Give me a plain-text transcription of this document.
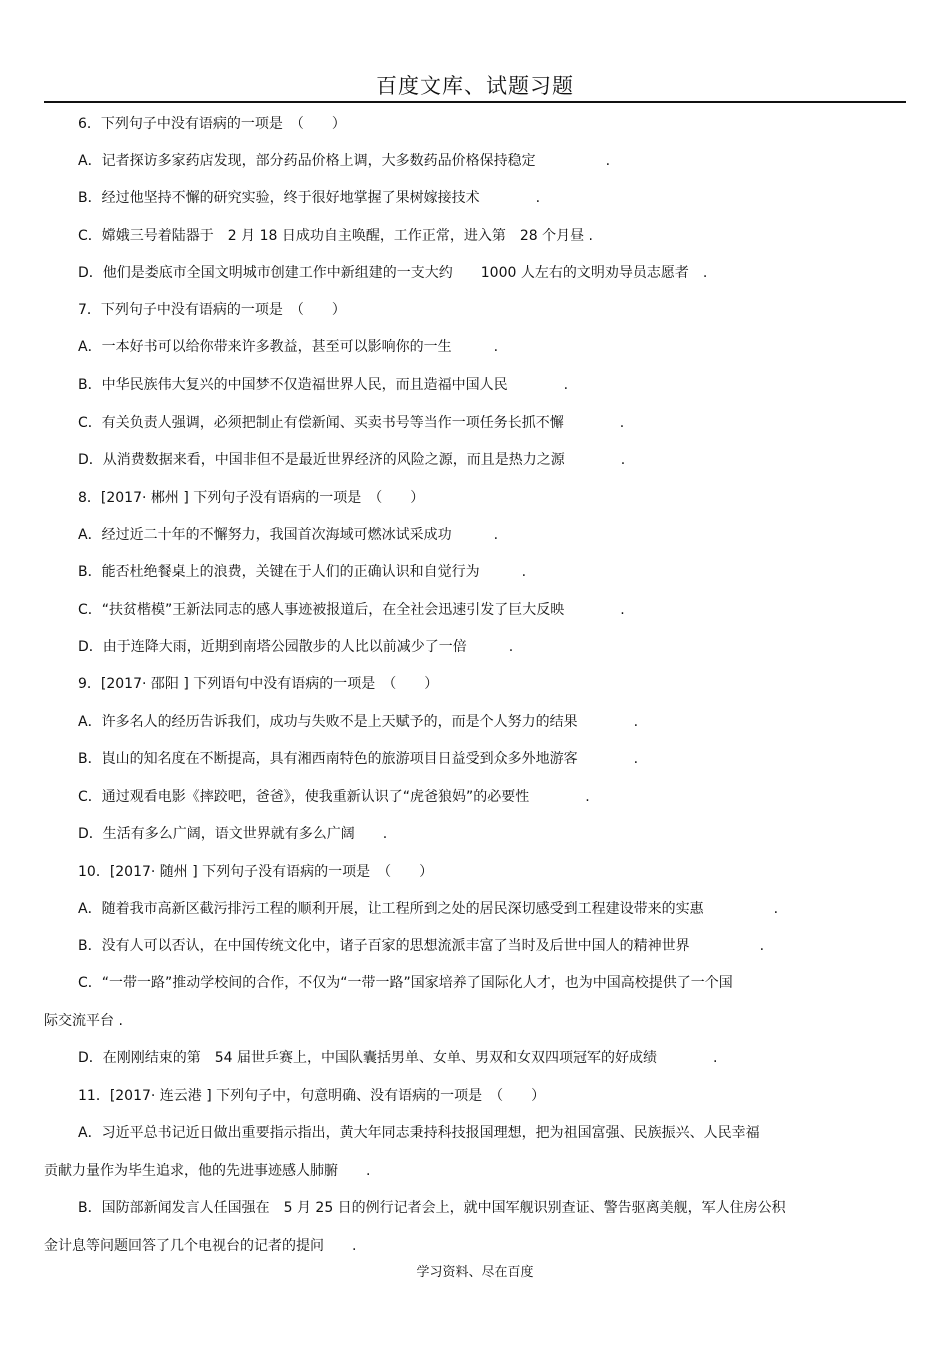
百度文库、试题习题
6．下列句子中没有语病的一项是　（　　）
A．记者探访多家药店发现，部分药品价格上调，大多数药品价格保持稳定　　　　　.
B．经过他坚持不懈的研究实验，终于很好地掌握了果树嫁接技术　　　　.
C．嫦娥三号着陆器于　2 月 18 日成功自主唤醒，工作正常，进入第　28 个月昼 .
D．他们是娄底市全国文明城市创建工作中新组建的一支大约　　1000 人左右的文明劝导员志愿者　.
7．下列句子中没有语病的一项是　（　　）
A．一本好书可以给你带来许多教益，甚至可以影响你的一生　　　.
B．中华民族伟大复兴的中国梦不仅造福世界人民，而且造福中国人民　　　　.
C．有关负责人强调，必须把制止有偿新闻、买卖书号等当作一项任务长抓不懈　　　　.
D．从消费数据来看，中国非但不是最近世界经济的风险之源，而且是热力之源　　　　.
8．[2017· 郴州 ] 下列句子没有语病的一项是　（　　）
A．经过近二十年的不懈努力，我国首次海域可燃冰试采成功　　　.
B．能否杜绝餐桌上的浪费，关键在于人们的正确认识和自觉行为　　　.
C．“扶贫楷模”王新法同志的感人事迹被报道后，在全社会迅速引发了巨大反映　　　　.
D．由于连降大雨，近期到南塔公园散步的人比以前减少了一倍　　　.
9．[2017· 邵阳 ] 下列语句中没有语病的一项是　（　　）
A．许多名人的经历告诉我们，成功与失败不是上天赋予的，而是个人努力的结果　　　　.
B．崀山的知名度在不断提高，具有湘西南特色的旅游项目日益受到众多外地游客　　　　.
C．通过观看电影《摔跤吧，爸爸》，使我重新认识了“虎爸狼妈”的必要性　　　　.
D．生活有多么广阔，语文世界就有多么广阔　　.
10．[2017· 随州 ] 下列句子没有语病的一项是　（　　）
A．随着我市高新区截污排污工程的顺利开展，让工程所到之处的居民深切感受到工程建设带来的实惠　　　　　.
B．没有人可以否认，在中国传统文化中，诸子百家的思想流派丰富了当时及后世中国人的精神世界　　　　　.
C．“一带一路”推动学校间的合作，不仅为“一带一路”国家培养了国际化人才，也为中国高校提供了一个国
际交流平台 .
D．在刚刚结束的第　54 届世乒赛上，中国队囊括男单、女单、男双和女双四项冠军的好成绩　　　　.
11．[2017· 连云港 ] 下列句子中，句意明确、没有语病的一项是　（　　）
A．习近平总书记近日做出重要指示指出，黄大年同志秉持科技报国理想，把为祖国富强、民族振兴、人民幸福
贡献力量作为毕生追求，他的先进事迹感人肺腑　　.
B．国防部新闻发言人任国强在　5 月 25 日的例行记者会上，就中国军舰识别查证、警告驱离美舰，军人住房公积
金计息等问题回答了几个电视台的记者的提问　　.
学习资料、尽在百度
